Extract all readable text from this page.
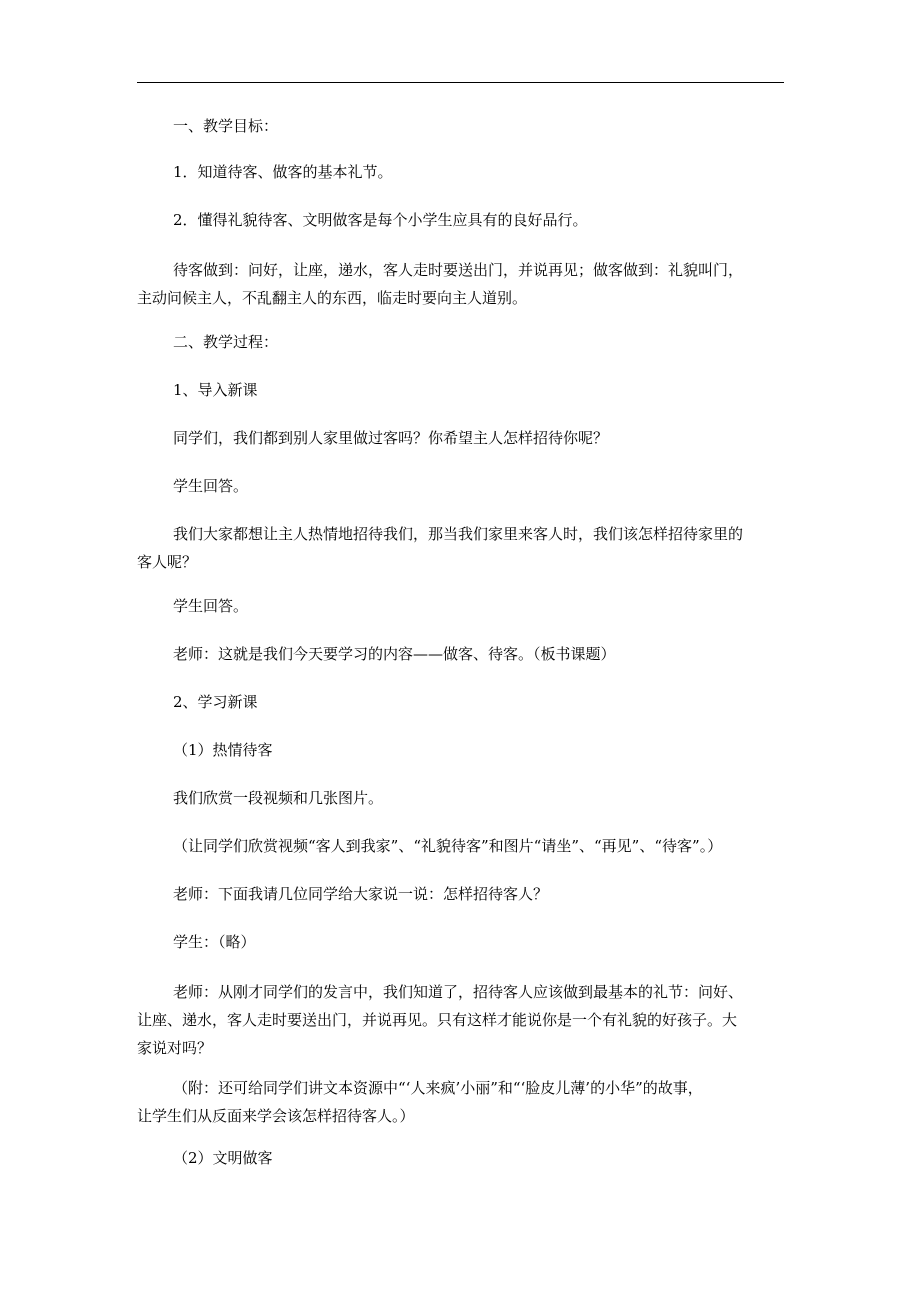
一、教学目标：
1．知道待客、做客的基本礼节。
2．懂得礼貌待客、文明做客是每个小学生应具有的良好品行。
待客做到：问好，让座，递水，客人走时要送出门，并说再见；做客做到：礼貌叫门，
主动问候主人，不乱翻主人的东西，临走时要向主人道别。
二、教学过程：
1、导入新课
同学们，我们都到别人家里做过客吗？你希望主人怎样招待你呢？
学生回答。
我们大家都想让主人热情地招待我们，那当我们家里来客人时，我们该怎样招待家里的
客人呢？
学生回答。
老师：这就是我们今天要学习的内容——做客、待客。（板书课题）
2、学习新课
（1）热情待客
我们欣赏一段视频和几张图片。
（让同学们欣赏视频“客人到我家”、“礼貌待客”和图片“请坐”、“再见”、“待客”。）
老师：下面我请几位同学给大家说一说：怎样招待客人？
学生：（略）
老师：从刚才同学们的发言中，我们知道了，招待客人应该做到最基本的礼节：问好、
让座、递水，客人走时要送出门，并说再见。只有这样才能说你是一个有礼貌的好孩子。大
家说对吗？
（附：还可给同学们讲文本资源中“‘人来疯’小丽”和“‘脸皮儿薄’的小华”的故事，
让学生们从反面来学会该怎样招待客人。）
（2）文明做客
